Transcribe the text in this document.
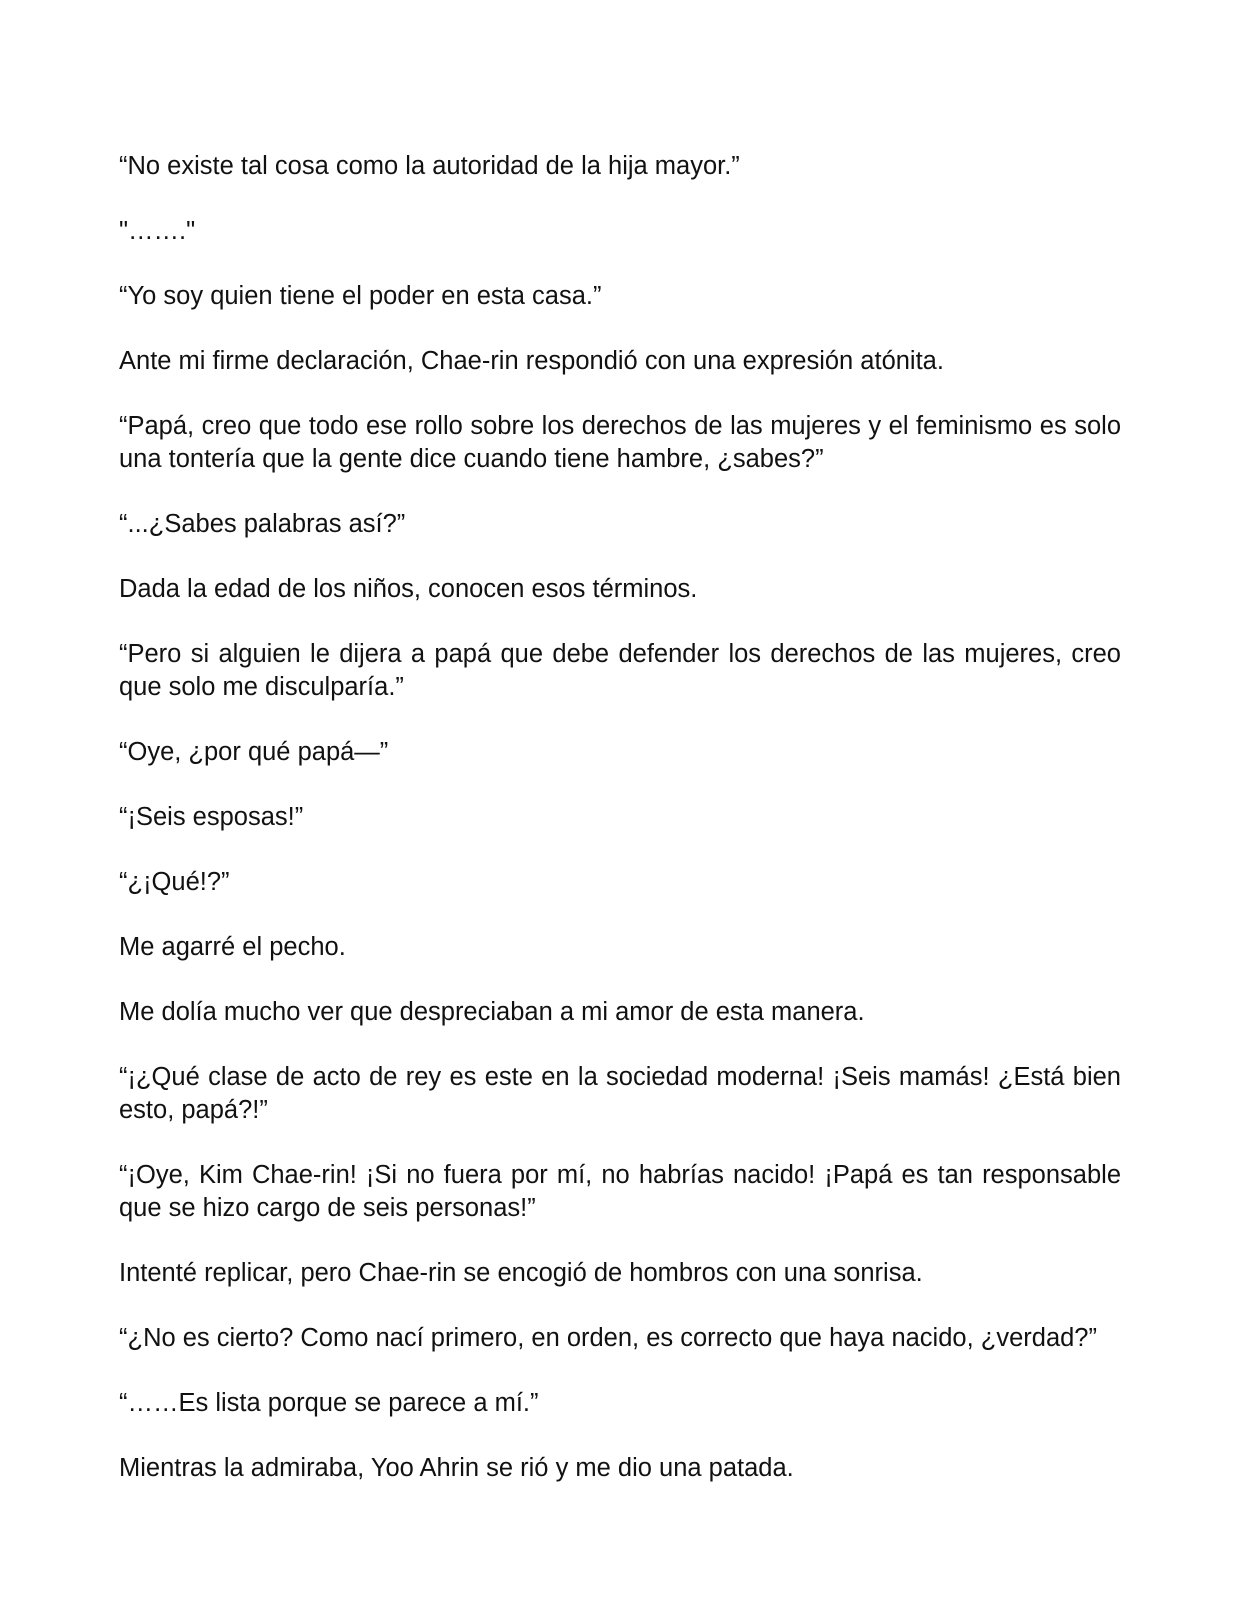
“No existe tal cosa como la autoridad de la hija mayor.”

"……."

“Yo soy quien tiene el poder en esta casa.”

Ante mi firme declaración, Chae-rin respondió con una expresión atónita.

“Papá, creo que todo ese rollo sobre los derechos de las mujeres y el feminismo es solo una tontería que la gente dice cuando tiene hambre, ¿sabes?”

“...¿Sabes palabras así?”

Dada la edad de los niños, conocen esos términos.

“Pero si alguien le dijera a papá que debe defender los derechos de las mujeres, creo que solo me disculparía.”

“Oye, ¿por qué papá—”

“¡Seis esposas!”

“¿¡Qué!?”

Me agarré el pecho.

Me dolía mucho ver que despreciaban a mi amor de esta manera.

“¡¿Qué clase de acto de rey es este en la sociedad moderna! ¡Seis mamás! ¿Está bien esto, papá?!”

“¡Oye, Kim Chae-rin! ¡Si no fuera por mí, no habrías nacido! ¡Papá es tan responsable que se hizo cargo de seis personas!”

Intenté replicar, pero Chae-rin se encogió de hombros con una sonrisa.

“¿No es cierto? Como nací primero, en orden, es correcto que haya nacido, ¿verdad?”

“……Es lista porque se parece a mí.”

Mientras la admiraba, Yoo Ahrin se rió y me dio una patada.
